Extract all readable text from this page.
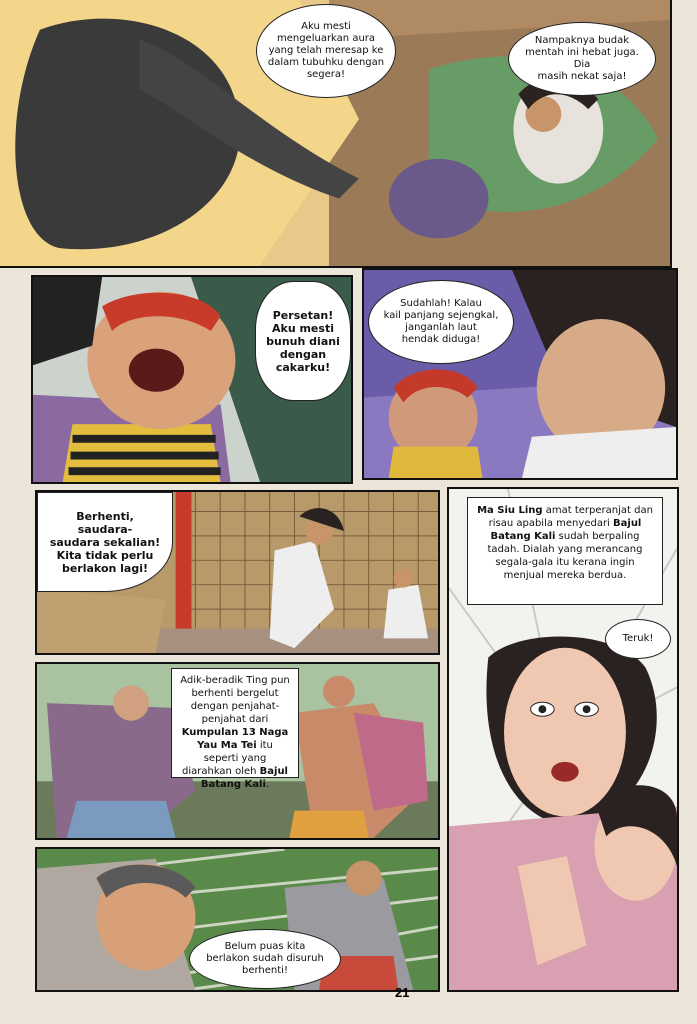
Aku mesti
mengeluarkan aura
yang telah meresap ke
dalam tubuhku dengan
segera!
Nampaknya budak
mentah ini hebat juga. Dia
masih nekat saja!
Persetan!
Aku mesti
bunuh diani
dengan
cakarku!
Sudahlah! Kalau
kail panjang sejengkal,
janganlah laut
hendak diduga!
Berhenti, saudara-
saudara sekalian!
Kita tidak perlu
berlakon lagi!
Ma Siu Ling amat terperanjat dan risau apabila menyedari Bajul Batang Kali sudah berpaling tadah. Dialah yang merancang segala-gala itu kerana ingin menjual mereka berdua.
Teruk!
Adik-beradik Ting pun berhenti bergelut dengan penjahat-penjahat dari Kumpulan 13 Naga Yau Ma Tei itu seperti yang diarahkan oleh Bajul Batang Kali.
Belum puas kita
berlakon sudah disuruh
berhenti!
21
